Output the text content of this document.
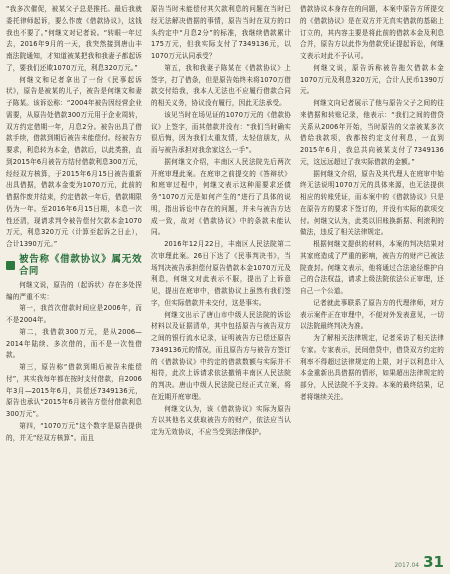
“我多次催促，被某父子总是推托。最后我就委托律师起诉，要么作废《借款协议》，这钱我也不要了。”何继文对记者说。“转眼一年过去，2016年9月的一天，我突然接到唐山丰南法院通知，才知道被某把我和我妻子都起诉了，要我们还欺1070万元，利息320万元。”

何继文和记者拿出了一份《民事起诉状》，原告是被某的儿子，被告是何继文和妻子陈某。该诉讼称：“2004年被告因经营企业需要，从原告处借款300万元用于企业周转，双方约定借期一年，月息2分。被告出具了借款手续，借款到期后被告未能偿付。经被告方要求，利息转为本金，借款后，以此类推，直到2015年6月被告方结付借款利息300万元，经经双方核算，于2015年6月15日被告重新出具借据，借款本金变为1070万元，此前的借据作废并结束，约定借款一年后，借款期限仍为一年。至2016年6月15日期，本息一次性还清，现请求判令被告偿付欠款本金1070万元，利息320万元（计算至起诉之日止），合计1390万元。”

被告称《借款协议》属无效合同

何继文说，原告的（起诉状）存在多处捏编的严重不实：

第一，我首次借款时间应是2006年，而不是2004年。

第二，我借款300万元，是从2006—2014年陆续、多次借的，而不是一次性借款。

第三，原告称“借款到期后被告未能偿付”，其实我每年都在按时支付借款，自2006年3月—2015年6月，共偿还7349136元，原告也承认“2015年6月被告方偿付借款利息300万元”。

第四，“1070万元”这个数字是原告提供的，并无“经双方核算”。而且

原告当时未能偿付其欠款利息的问题在当时已经无法解决借据的事情，原告当时在双方的口头约定中“月息2分”的标准，我继续借款累计175万元，但我实际支付了7349136元，以1070万元认同承受？

第五，我和我妻子陈某在《借款协议》上签字，打了借条，但是原告始终未将1070万借款交付给我，我本人无法也不应履行借款合同的相关义务，协议没有履行，因此无法承受。

该见当时在场见证的1070万元的《借款协议》上签字，而其借款并没有：“我们当时确实很后悔，因为我们太重友情，太轻信朋友，从而与被告承担对我余家这么一手”。

据何继文介绍，丰南区人民法院先后两次开庭审理此案。在庭审之前提交的《答辩状》和庭审过程中，何继文表示这种需要求还债务“1070万元是如何产生的”进行了具体的说明，指出诉讼中存在的问题，并未与被告方达成一致，故对《借款协议》中的条款未能认同。

2016年12月22日，丰南区人民法院第二次审理此案。26日下达了《民事判决书》，当场判决被告承担偿付原告借款本金1070万元及利息，何继文对此表示不服，提出了上诉意见，提出在庭审中，借款协议上虽然有我们签字，但实际借款并未交付，这是事实。

何继文出示了唐山市中级人民法院的诉讼材料以及证据清单，其中包括原告与被告双方之间的银行流水记录，证明被告方已偿还原告7349136元的情况，而且原告方与被告方签订的《借款协议》中约定的借款数额与实际并不相符，此次上诉请求依法撤销丰南区人民法院的判决。唐山中级人民法院已经正式立案，将在近期开庭审理。

何继文认为，该《借款协议》实际为原告方以其他名义获取被告方的财产，依法应当认定为无效协议，不应当受到法律保护。

借款协议本身存在的问题，本案中原告方所提交的《借款协议》是在双方并无真实借款的基础上订立的，其内容主要是将此前的借款本金及利息合并，原告方以此作为借款凭证提起诉讼，何继文表示对此不予认可。

何继文说，原告诉称被告拖欠借款本金1070万元及利息320万元，合计人民币1390万元。

何继文向记者展示了他与原告父子之间的往来借据和转账记录，他表示：“我们之间的借贷关系从2006年开始，当时原告的父亲被某多次借给我款项，我都按约定支付利息，一直到2015年6月，我总共向被某支付了7349136元，这远远超过了我实际借款的金额。”

据何继文介绍，原告及其代理人在庭审中始终无法说明1070万元的具体来源，也无法提供相应的转账凭证，而本案中的《借款协议》只是在原告方的要求下签订的，并没有实际的款项交付。何继文认为，此类以旧账换新据、利滚利的做法，违反了相关法律规定。

根据何继文提供的材料，本案的判决结果对其家庭造成了严重的影响，被告方的财产已被法院查封。何继文表示，他将通过合法途径维护自己的合法权益，请求上级法院依法公正审理，还自己一个公道。

记者就此事联系了原告方的代理律师，对方表示案件正在审理中，不便对外发表意见，一切以法院最终判决为准。

为了解相关法律规定，记者采访了相关法律专家。专家表示，民间借贷中，借贷双方约定的利率不得超过法律规定的上限，对于以利息计入本金重新出具借据的情形，如果超出法律规定的部分，人民法院不予支持。本案的最终结果，记者将继续关注。

2017.04 31
